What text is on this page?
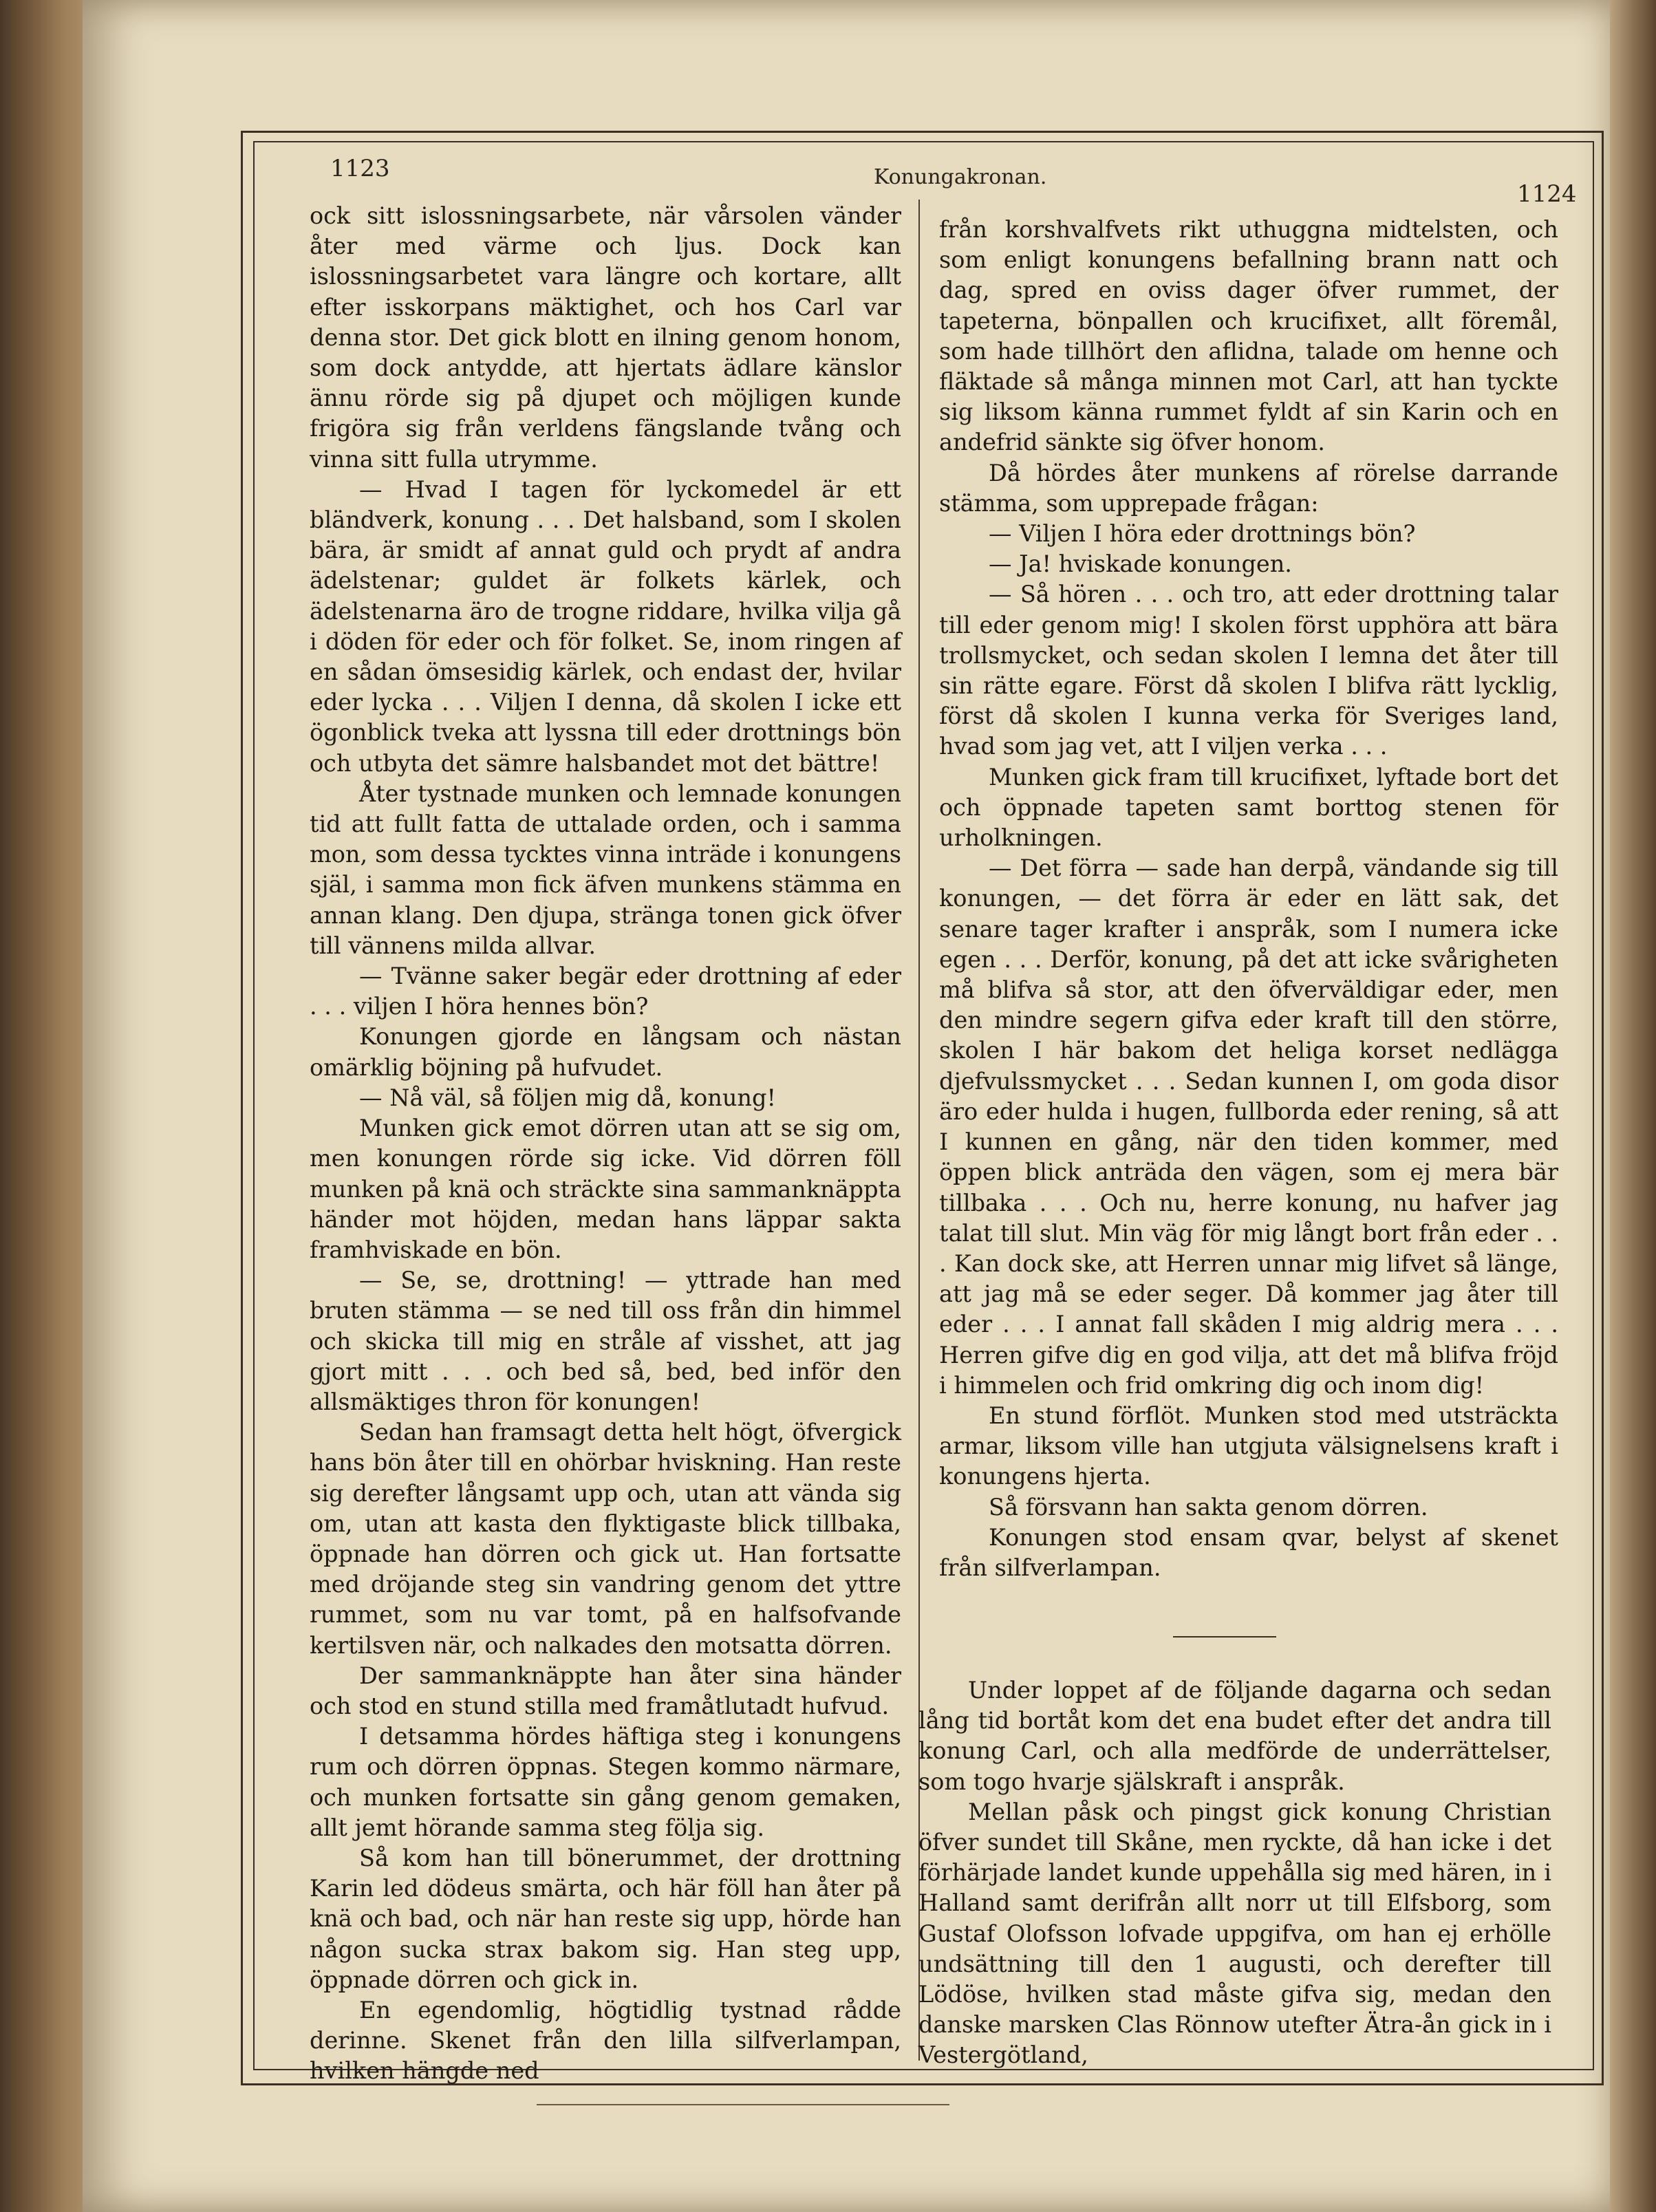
1123	Konungakronan.
1124

ock sitt islossningsarbete, när vårsolen vänder åter med värme och ljus. Dock kan islossningsarbetet vara längre och kortare, allt efter isskorpans mäktighet, och hos Carl var denna stor. Det gick blott en ilning genom honom, som dock antydde, att hjertats ädlare känslor ännu rörde sig på djupet och möjligen kunde frigöra sig från verldens fängslande tvång och vinna sitt fulla utrymme.

— Hvad I tagen för lyckomedel är ett bländverk, konung . . . Det halsband, som I skolen bära, är smidt af annat guld och prydt af andra ädelstenar; guldet är folkets kärlek, och ädelstenarna äro de trogne riddare, hvilka vilja gå i döden för eder och för folket. Se, inom ringen af en sådan ömsesidig kärlek, och endast der, hvilar eder lycka . . . Viljen I denna, då skolen I icke ett ögonblick tveka att lyssna till eder drottnings bön och utbyta det sämre halsbandet mot det bättre!

Åter tystnade munken och lemnade konungen tid att fullt fatta de uttalade orden, och i samma mon, som dessa tycktes vinna inträde i konungens själ, i samma mon fick äfven munkens stämma en annan klang. Den djupa, stränga tonen gick öfver till vännens milda allvar.

— Tvänne saker begär eder drottning af eder . . . viljen I höra hennes bön?

Konungen gjorde en långsam och nästan omärklig böjning på hufvudet.

— Nå väl, så följen mig då, konung!

Munken gick emot dörren utan att se sig om, men konungen rörde sig icke. Vid dörren föll munken på knä och sträckte sina sammanknäppta händer mot höjden, medan hans läppar sakta framhviskade en bön.

— Se, se, drottning! — yttrade han med bruten stämma — se ned till oss från din himmel och skicka till mig en stråle af visshet, att jag gjort mitt . . . och bed så, bed, bed inför den allsmäktiges thron för konungen!

Sedan han framsagt detta helt högt, öfvergick hans bön åter till en ohörbar hviskning. Han reste sig derefter långsamt upp och, utan att vända sig om, utan att kasta den flyktigaste blick tillbaka, öppnade han dörren och gick ut. Han fortsatte med dröjande steg sin vandring genom det yttre rummet, som nu var tomt, på en halfsofvande kertilsven när, och nalkades den motsatta dörren.

Der sammanknäppte han åter sina händer och stod en stund stilla med framåtlutadt hufvud.

I detsamma hördes häftiga steg i konungens rum och dörren öppnas. Stegen kommo närmare, och munken fortsatte sin gång genom gemaken, allt jemt hörande samma steg följa sig.

Så kom han till bönerummet, der drottning Karin led dödeus smärta, och här föll han åter på knä och bad, och när han reste sig upp, hörde han någon sucka strax bakom sig. Han steg upp, öppnade dörren och gick in.

En egendomlig, högtidlig tystnad rådde derinne. Skenet från den lilla silfverlampan, hvilken hängde ned

från korshvalfvets rikt uthuggna midtelsten, och som enligt konungens befallning brann natt och dag, spred en oviss dager öfver rummet, der tapeterna, bönpallen och krucifixet, allt föremål, som hade tillhört den aflidna, talade om henne och fläktade så många minnen mot Carl, att han tyckte sig liksom känna rummet fyldt af sin Karin och en andefrid sänkte sig öfver honom.

Då hördes åter munkens af rörelse darrande stämma, som upprepade frågan:

— Viljen I höra eder drottnings bön?

— Ja! hviskade konungen.

— Så hören . . . och tro, att eder drottning talar till eder genom mig! I skolen först upphöra att bära trollsmycket, och sedan skolen I lemna det åter till sin rätte egare. Först då skolen I blifva rätt lycklig, först då skolen I kunna verka för Sveriges land, hvad som jag vet, att I viljen verka . . .

Munken gick fram till krucifixet, lyftade bort det och öppnade tapeten samt borttog stenen för urholkningen.

— Det förra — sade han derpå, vändande sig till konungen, — det förra är eder en lätt sak, det senare tager krafter i anspråk, som I numera icke egen . . . Derför, konung, på det att icke svårigheten må blifva så stor, att den öfverväldigar eder, men den mindre segern gifva eder kraft till den större, skolen I här bakom det heliga korset nedlägga djefvulssmycket . . . Sedan kunnen I, om goda disor äro eder hulda i hugen, fullborda eder rening, så att I kunnen en gång, när den tiden kommer, med öppen blick anträda den vägen, som ej mera bär tillbaka . . . Och nu, herre konung, nu hafver jag talat till slut. Min väg för mig långt bort från eder . . . Kan dock ske, att Herren unnar mig lifvet så länge, att jag må se eder seger. Då kommer jag åter till eder . . . I annat fall skåden I mig aldrig mera . . . Herren gifve dig en god vilja, att det må blifva fröjd i himmelen och frid omkring dig och inom dig!

En stund förflöt. Munken stod med utsträckta armar, liksom ville han utgjuta välsignelsens kraft i konungens hjerta.

Så försvann han sakta genom dörren.

Konungen stod ensam qvar, belyst af skenet från silfverlampan.

Under loppet af de följande dagarna och sedan lång tid bortåt kom det ena budet efter det andra till konung Carl, och alla medförde de underrättelser, som togo hvarje själskraft i anspråk.

Mellan påsk och pingst gick konung Christian öfver sundet till Skåne, men ryckte, då han icke i det förhärjade landet kunde uppehålla sig med hären, in i Halland samt derifrån allt norr ut till Elfsborg, som Gustaf Olofsson lofvade uppgifva, om han ej erhölle undsättning till den 1 augusti, och derefter till Lödöse, hvilken stad måste gifva sig, medan den danske marsken Clas Rönnow utefter Ätra-ån gick in i Vestergötland,
